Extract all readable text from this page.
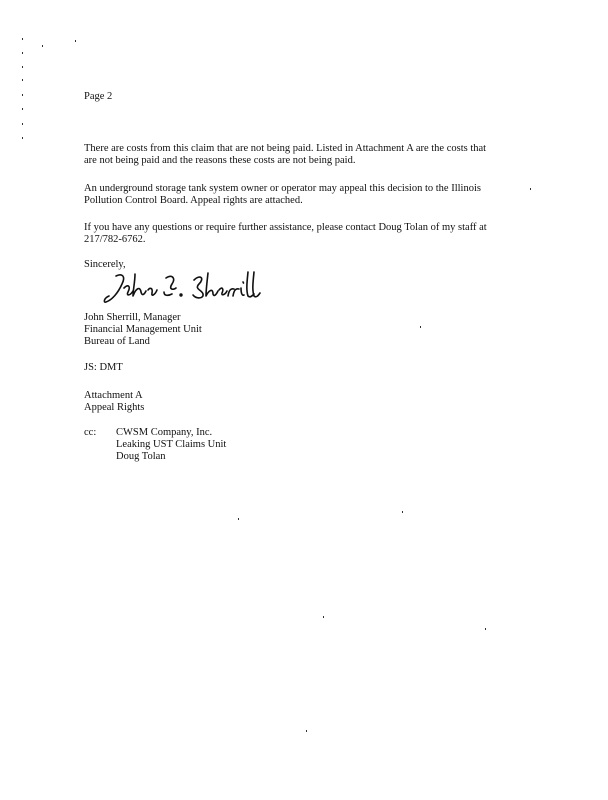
Page 2

There are costs from this claim that are not being paid. Listed in Attachment A are the costs that
are not being paid and the reasons these costs are not being paid.

An underground storage tank system owner or operator may appeal this decision to the Illinois
Pollution Control Board. Appeal rights are attached.

If you have any questions or require further assistance, please contact Doug Tolan of my staff at
217/782-6762.

Sincerely,

John Sherrill, Manager
Financial Management Unit
Bureau of Land

JS: DMT

Attachment A
Appeal Rights

cc: CWSM Company, Inc.
Leaking UST Claims Unit
Doug Tolan
